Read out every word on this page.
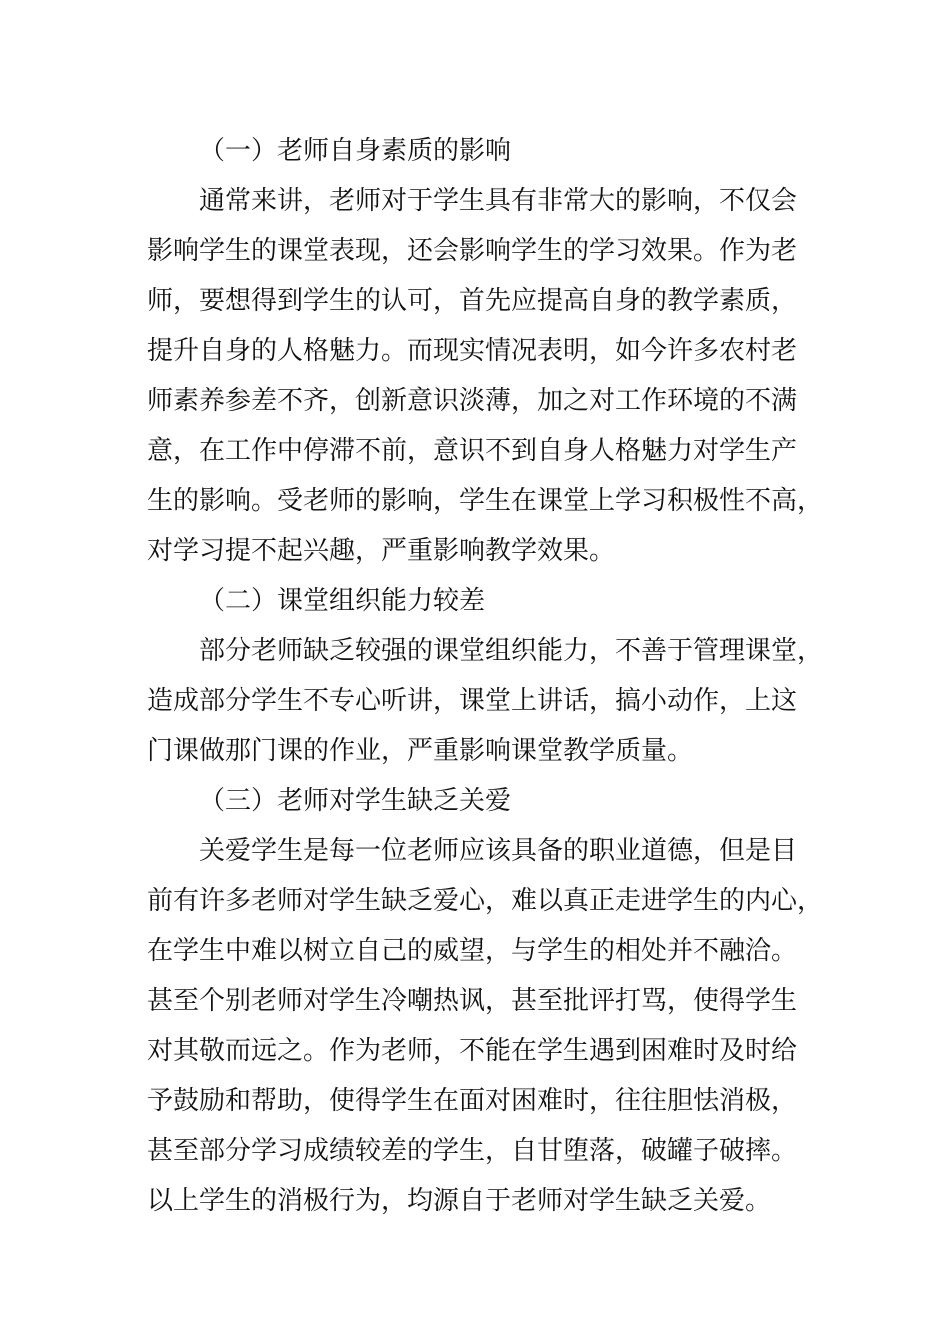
（一）老师自身素质的影响
通常来讲，老师对于学生具有非常大的影响，不仅会
影响学生的课堂表现，还会影响学生的学习效果。作为老
师，要想得到学生的认可，首先应提高自身的教学素质，
提升自身的人格魅力。而现实情况表明，如今许多农村老
师素养参差不齐，创新意识淡薄，加之对工作环境的不满
意，在工作中停滞不前，意识不到自身人格魅力对学生产
生的影响。受老师的影响，学生在课堂上学习积极性不高，
对学习提不起兴趣，严重影响教学效果。
（二）课堂组织能力较差
部分老师缺乏较强的课堂组织能力，不善于管理课堂，
造成部分学生不专心听讲，课堂上讲话，搞小动作，上这
门课做那门课的作业，严重影响课堂教学质量。
（三）老师对学生缺乏关爱
关爱学生是每一位老师应该具备的职业道德，但是目
前有许多老师对学生缺乏爱心，难以真正走进学生的内心，
在学生中难以树立自己的威望，与学生的相处并不融洽。
甚至个别老师对学生冷嘲热讽，甚至批评打骂，使得学生
对其敬而远之。作为老师，不能在学生遇到困难时及时给
予鼓励和帮助，使得学生在面对困难时，往往胆怯消极，
甚至部分学习成绩较差的学生，自甘堕落，破罐子破摔。
以上学生的消极行为，均源自于老师对学生缺乏关爱。
